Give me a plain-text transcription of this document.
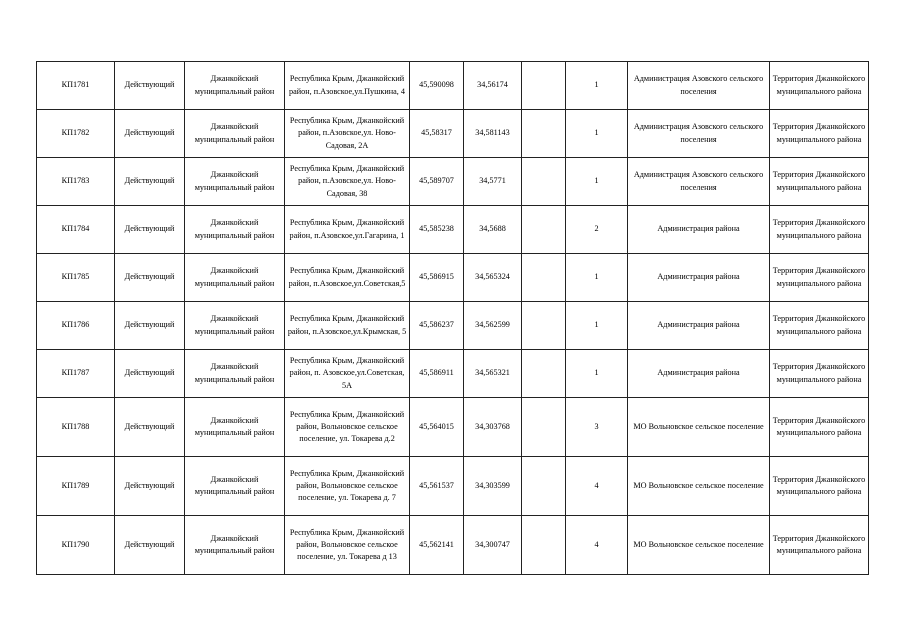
КП1781	Действующий	Джанкойский муниципальный район	Республика Крым, Джанкойский район, п.Азовское,ул.Пушкина, 4	45,590098	34,56174		1	Администрация Азовского сельского поселения	Территория Джанкойского муниципального района
КП1782	Действующий	Джанкойский муниципальный район	Республика Крым, Джанкойский район, п.Азовское,ул. Ново-Садовая, 2А	45,58317	34,581143		1	Администрация Азовского сельского поселения	Территория Джанкойского муниципального района
КП1783	Действующий	Джанкойский муниципальный район	Республика Крым, Джанкойский район, п.Азовское,ул. Ново-Садовая, 38	45,589707	34,5771		1	Администрация Азовского сельского поселения	Территория Джанкойского муниципального района
КП1784	Действующий	Джанкойский муниципальный район	Республика Крым, Джанкойский район, п.Азовское,ул.Гагарина, 1	45,585238	34,5688		2	Администрация района	Территория Джанкойского муниципального района
КП1785	Действующий	Джанкойский муниципальный район	Республика Крым, Джанкойский район, п.Азовское,ул.Советская,5	45,586915	34,565324		1	Администрация района	Территория Джанкойского муниципального района
КП1786	Действующий	Джанкойский муниципальный район	Республика Крым, Джанкойский район, п.Азовское,ул.Крымская, 5	45,586237	34,562599		1	Администрация района	Территория Джанкойского муниципального района
КП1787	Действующий	Джанкойский муниципальный район	Республика Крым, Джанкойский район, п. Азовское,ул.Советская, 5А	45,586911	34,565321		1	Администрация района	Территория Джанкойского муниципального района
КП1788	Действующий	Джанкойский муниципальный район	Республика Крым, Джанкойский район, Вольновское сельское поселение, ул. Токарева д.2	45,564015	34,303768		3	МО Вольновское сельское поселение	Территория Джанкойского муниципального района
КП1789	Действующий	Джанкойский муниципальный район	Республика Крым, Джанкойский район, Вольновское сельское поселение, ул. Токарева д. 7	45,561537	34,303599		4	МО Вольновское сельское поселение	Территория Джанкойского муниципального района
КП1790	Действующий	Джанкойский муниципальный район	Республика Крым, Джанкойский район, Вольновское сельское поселение, ул. Токарева д 13	45,562141	34,300747		4	МО Вольновское сельское поселение	Территория Джанкойского муниципального района
